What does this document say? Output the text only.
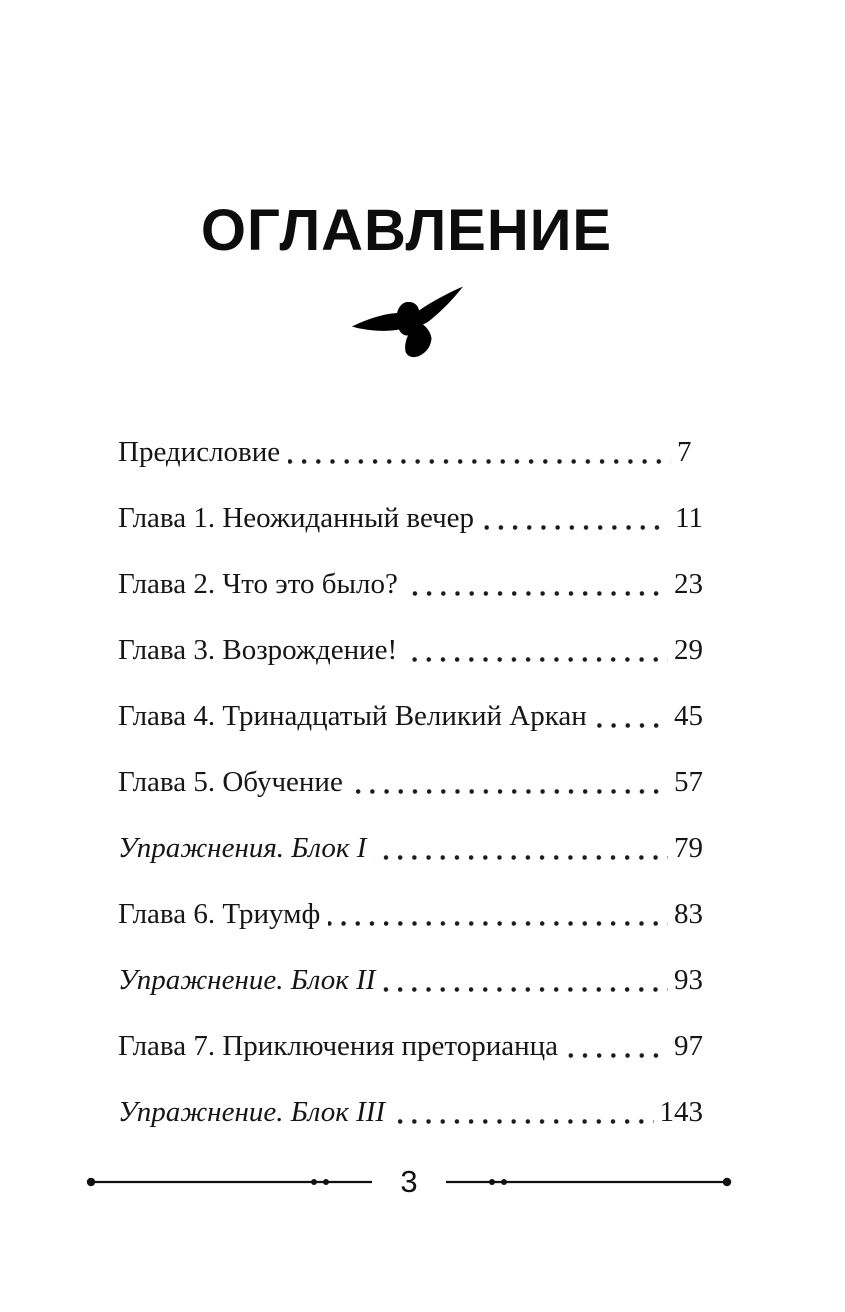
ОГЛАВЛЕНИЕ
Предисловие	7
Глава 1. Неожиданный вечер	11
Глава 2. Что это было?	23
Глава 3. Возрождение!	29
Глава 4. Тринадцатый Великий Аркан	45
Глава 5. Обучение	57
Упражнения. Блок I	79
Глава 6. Триумф	83
Упражнение. Блок II	93
Глава 7. Приключения преторианца	97
Упражнение. Блок III	143
3
